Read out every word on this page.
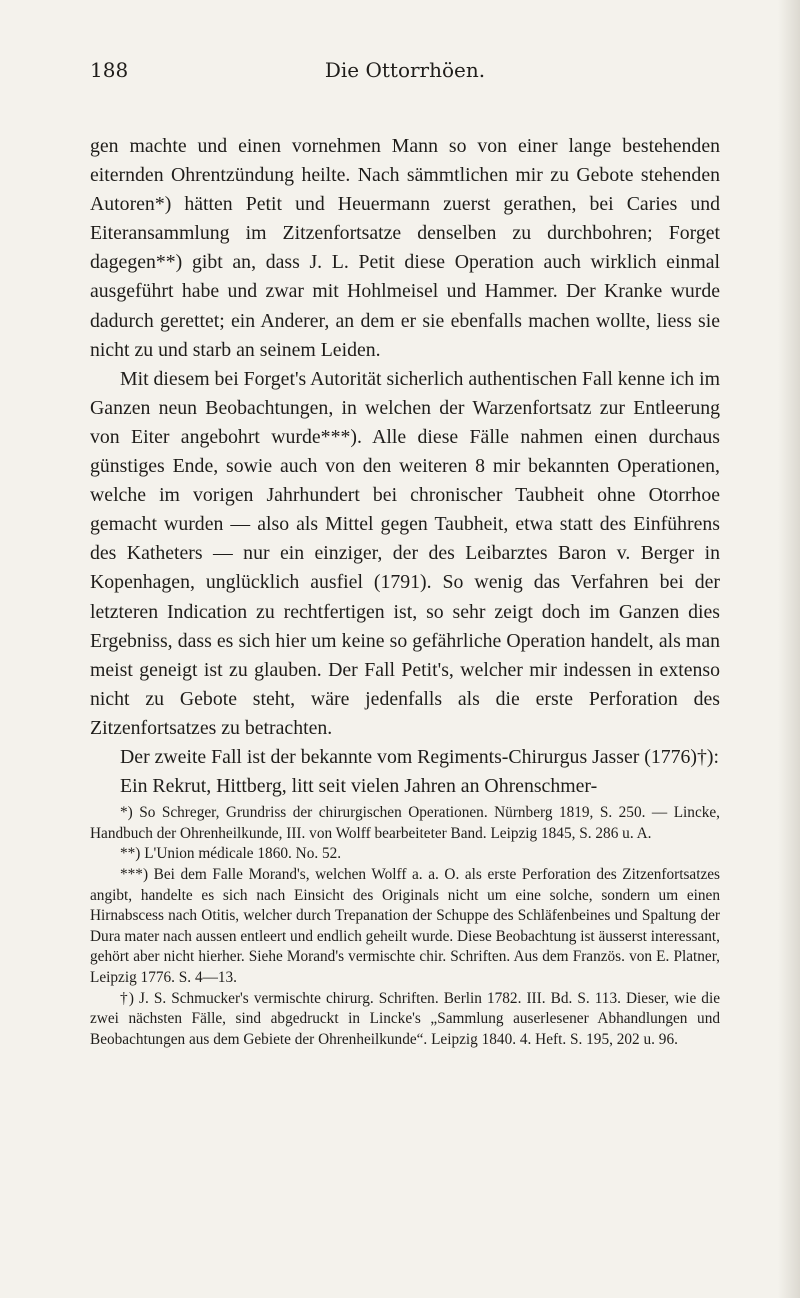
188	Die Ottorrhöen.

gen machte und einen vornehmen Mann so von einer lange bestehenden eiternden Ohrentzündung heilte. Nach sämmtlichen mir zu Gebote stehenden Autoren*) hätten Petit und Heuermann zuerst gerathen, bei Caries und Eiteransammlung im Zitzenfortsatze denselben zu durchbohren; Forget dagegen**) gibt an, dass J. L. Petit diese Operation auch wirklich einmal ausgeführt habe und zwar mit Hohlmeisel und Hammer. Der Kranke wurde dadurch gerettet; ein Anderer, an dem er sie ebenfalls machen wollte, liess sie nicht zu und starb an seinem Leiden.

Mit diesem bei Forget's Autorität sicherlich authentischen Fall kenne ich im Ganzen neun Beobachtungen, in welchen der Warzenfortsatz zur Entleerung von Eiter angebohrt wurde***). Alle diese Fälle nahmen einen durchaus günstiges Ende, sowie auch von den weiteren 8 mir bekannten Operationen, welche im vorigen Jahrhundert bei chronischer Taubheit ohne Otorrhoe gemacht wurden — also als Mittel gegen Taubheit, etwa statt des Einführens des Katheters — nur ein einziger, der des Leibarztes Baron v. Berger in Kopenhagen, unglücklich ausfiel (1791). So wenig das Verfahren bei der letzteren Indication zu rechtfertigen ist, so sehr zeigt doch im Ganzen dies Ergebniss, dass es sich hier um keine so gefährliche Operation handelt, als man meist geneigt ist zu glauben. Der Fall Petit's, welcher mir indessen in extenso nicht zu Gebote steht, wäre jedenfalls als die erste Perforation des Zitzenfortsatzes zu betrachten.

Der zweite Fall ist der bekannte vom Regiments-Chirurgus Jasser (1776)†):

Ein Rekrut, Hittberg, litt seit vielen Jahren an Ohrenschmer-

*) So Schreger, Grundriss der chirurgischen Operationen. Nürnberg 1819, S. 250. — Lincke, Handbuch der Ohrenheilkunde, III. von Wolff bearbeiteter Band. Leipzig 1845, S. 286 u. A.

**) L'Union médicale 1860. No. 52.

***) Bei dem Falle Morand's, welchen Wolff a. a. O. als erste Perforation des Zitzenfortsatzes angibt, handelte es sich nach Einsicht des Originals nicht um eine solche, sondern um einen Hirnabscess nach Otitis, welcher durch Trepanation der Schuppe des Schläfenbeines und Spaltung der Dura mater nach aussen entleert und endlich geheilt wurde. Diese Beobachtung ist äusserst interessant, gehört aber nicht hierher. Siehe Morand's vermischte chir. Schriften. Aus dem Französ. von E. Platner, Leipzig 1776. S. 4—13.

†) J. S. Schmucker's vermischte chirurg. Schriften. Berlin 1782. III. Bd. S. 113. Dieser, wie die zwei nächsten Fälle, sind abgedruckt in Lincke's „Sammlung auserlesener Abhandlungen und Beobachtungen aus dem Gebiete der Ohrenheilkunde“. Leipzig 1840. 4. Heft. S. 195, 202 u. 96.
